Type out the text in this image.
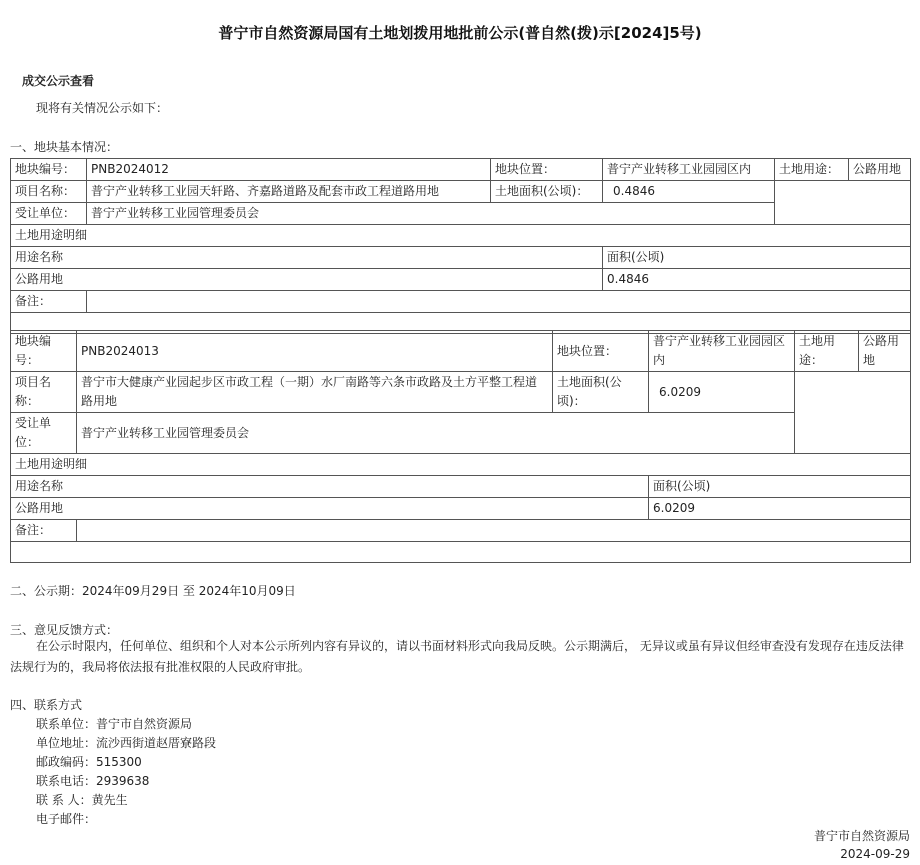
普宁市自然资源局国有土地划拨用地批前公示(普自然(拨)示[2024]5号)
成交公示查看
现将有关情况公示如下：
一、地块基本情况：
地块编号：	PNB2024012	地块位置：	普宁产业转移工业园园区内	土地用途：	公路用地
项目名称：	普宁产业转移工业园天轩路、齐嘉路道路及配套市政工程道路用地	土地面积(公顷)：	0.4846		
受让单位：	普宁产业转移工业园管理委员会				
土地用途明细					
用途名称			面积(公顷)		
公路用地			0.4846		
备注：					

地块编号：	PNB2024013	地块位置：	普宁产业转移工业园园区内	土地用途：	公路用地
项目名称：	普宁市大健康产业园起步区市政工程（一期）水厂南路等六条市政路及土方平整工程道路用地	土地面积(公顷)：	6.0209		
受让单位：	普宁产业转移工业园管理委员会				
土地用途明细					
用途名称			面积(公顷)		
公路用地			6.0209		
备注：					

二、公示期：2024年09月29日 至 2024年10月09日
三、意见反馈方式：
在公示时限内，任何单位、组织和个人对本公示所列内容有异议的，请以书面材料形式向我局反映。公示期满后， 无异议或虽有异议但经审查没有发现存在违反法律法规行为的，我局将依法报有批准权限的人民政府审批。
四、联系方式
联系单位：普宁市自然资源局
单位地址：流沙西街道赵厝寮路段
邮政编码：515300
联系电话：2939638
联 系 人：黄先生
电子邮件：
普宁市自然资源局
2024-09-29
